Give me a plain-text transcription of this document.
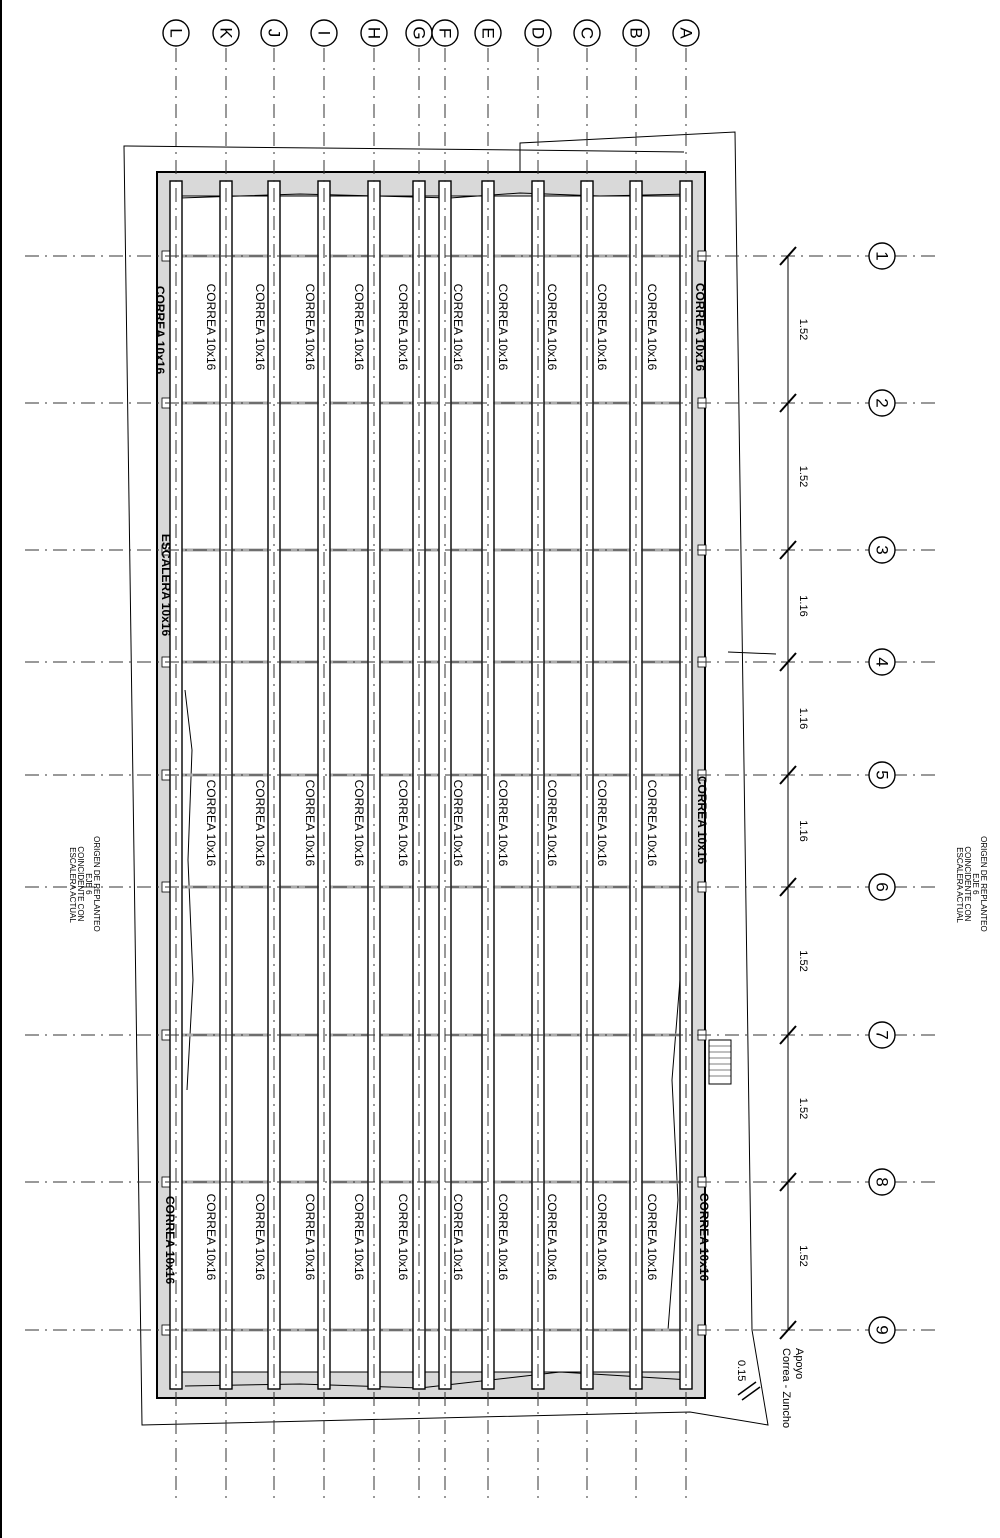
L K J I H G F E D C B A
1
2
3
4
5
6
7
8
9
1.52
1.52
1.16
1.16
1.16
1.52
1.52
1.52
CORREA 10x16	CORREA 10x16	CORREA 10x16	CORREA 10x16	CORREA 10x16	CORREA 10x16	CORREA 10x16	CORREA 10x16	CORREA 10x16	CORREA 10x16
CORREA 10x16	CORREA 10x16	CORREA 10x16	CORREA 10x16	CORREA 10x16	CORREA 10x16	CORREA 10x16	CORREA 10x16	CORREA 10x16	CORREA 10x16
CORREA 10x16	CORREA 10x16	CORREA 10x16	CORREA 10x16	CORREA 10x16	CORREA 10x16	CORREA 10x16	CORREA 10x16	CORREA 10x16	CORREA 10x16
CORREA 10x16	CORREA 10x16
CORREA 10x16
CORREA 10x16
CORREA 10x16
ESCALERA 10x16
ORIGEN DE REPLANTEO EJE 6 COINCIDENTE CON ESCALERA ACTUAL	ORIGEN DE REPLANTEO EJE 6 COINCIDENTE CON ESCALERA ACTUAL
0.15	Apoyo Correa - Zuncho
